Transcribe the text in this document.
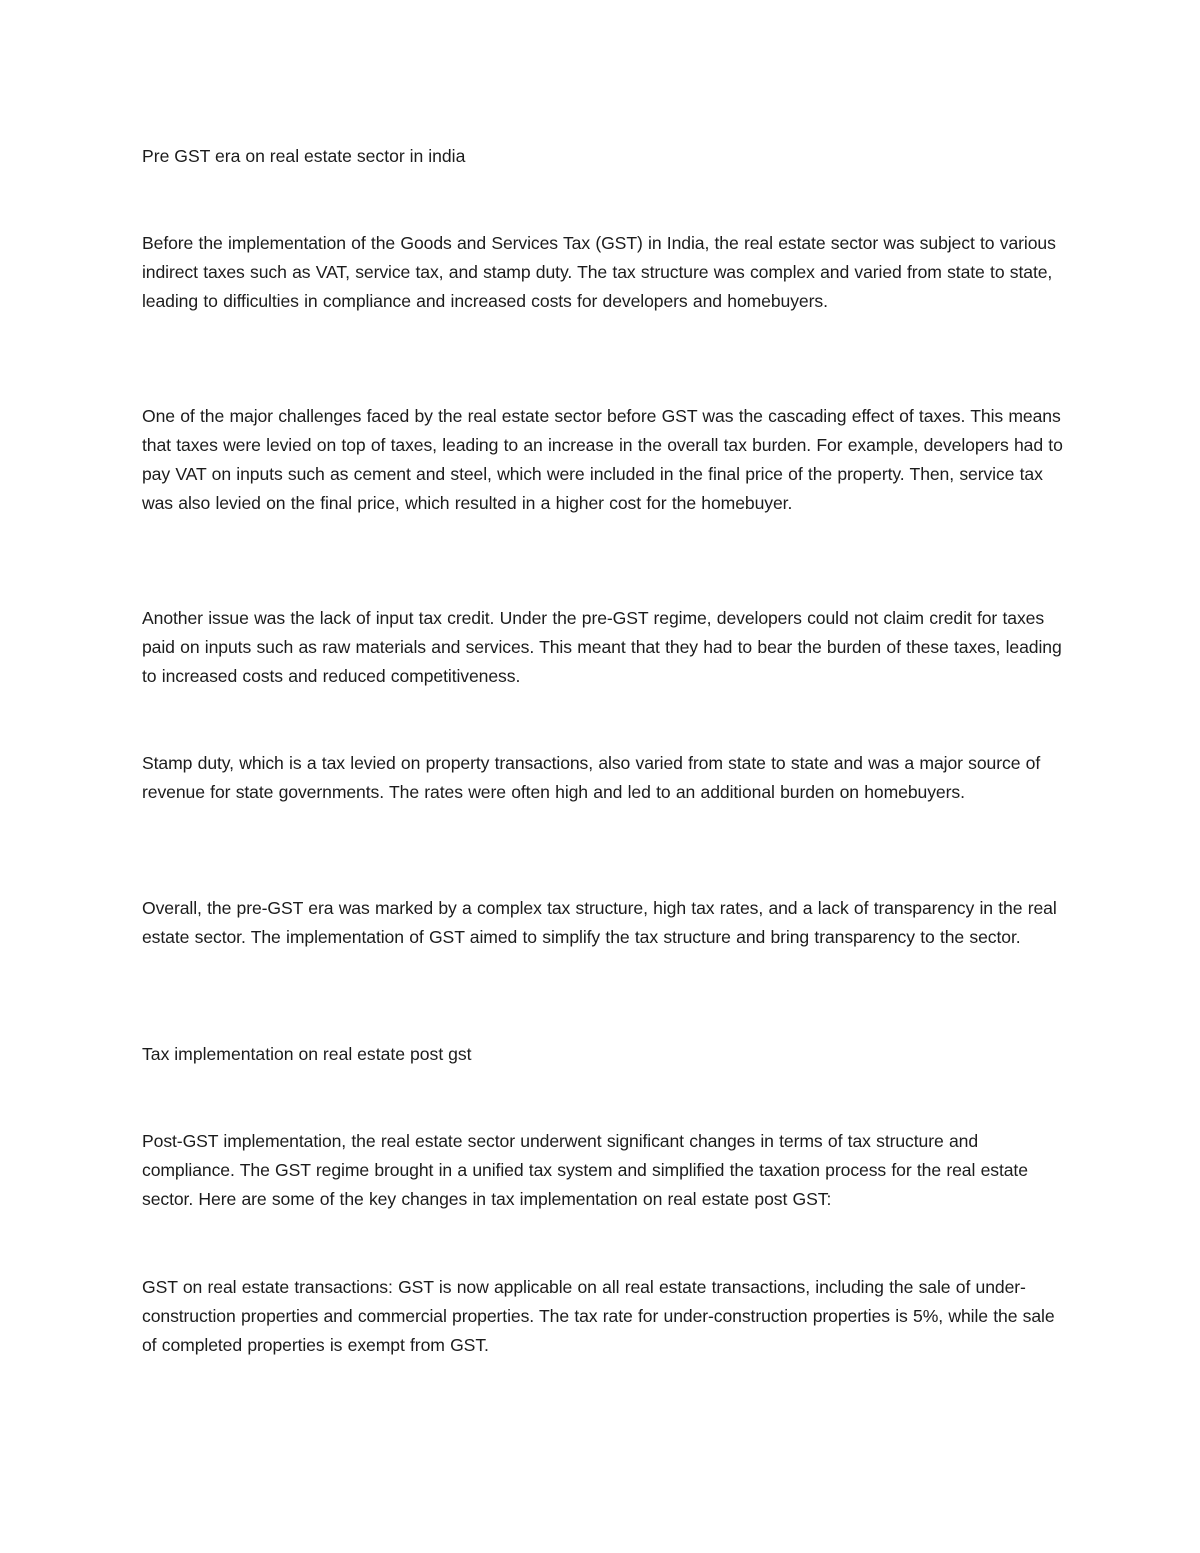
Pre GST era on real estate sector in india

Before the implementation of the Goods and Services Tax (GST) in India, the real estate sector was subject to various indirect taxes such as VAT, service tax, and stamp duty. The tax structure was complex and varied from state to state, leading to difficulties in compliance and increased costs for developers and homebuyers.

One of the major challenges faced by the real estate sector before GST was the cascading effect of taxes. This means that taxes were levied on top of taxes, leading to an increase in the overall tax burden. For example, developers had to pay VAT on inputs such as cement and steel, which were included in the final price of the property. Then, service tax was also levied on the final price, which resulted in a higher cost for the homebuyer.

Another issue was the lack of input tax credit. Under the pre-GST regime, developers could not claim credit for taxes paid on inputs such as raw materials and services. This meant that they had to bear the burden of these taxes, leading to increased costs and reduced competitiveness.

Stamp duty, which is a tax levied on property transactions, also varied from state to state and was a major source of revenue for state governments. The rates were often high and led to an additional burden on homebuyers.

Overall, the pre-GST era was marked by a complex tax structure, high tax rates, and a lack of transparency in the real estate sector. The implementation of GST aimed to simplify the tax structure and bring transparency to the sector.

Tax implementation on real estate post gst

Post-GST implementation, the real estate sector underwent significant changes in terms of tax structure and compliance. The GST regime brought in a unified tax system and simplified the taxation process for the real estate sector. Here are some of the key changes in tax implementation on real estate post GST:

GST on real estate transactions: GST is now applicable on all real estate transactions, including the sale of under-construction properties and commercial properties. The tax rate for under-construction properties is 5%, while the sale of completed properties is exempt from GST.
